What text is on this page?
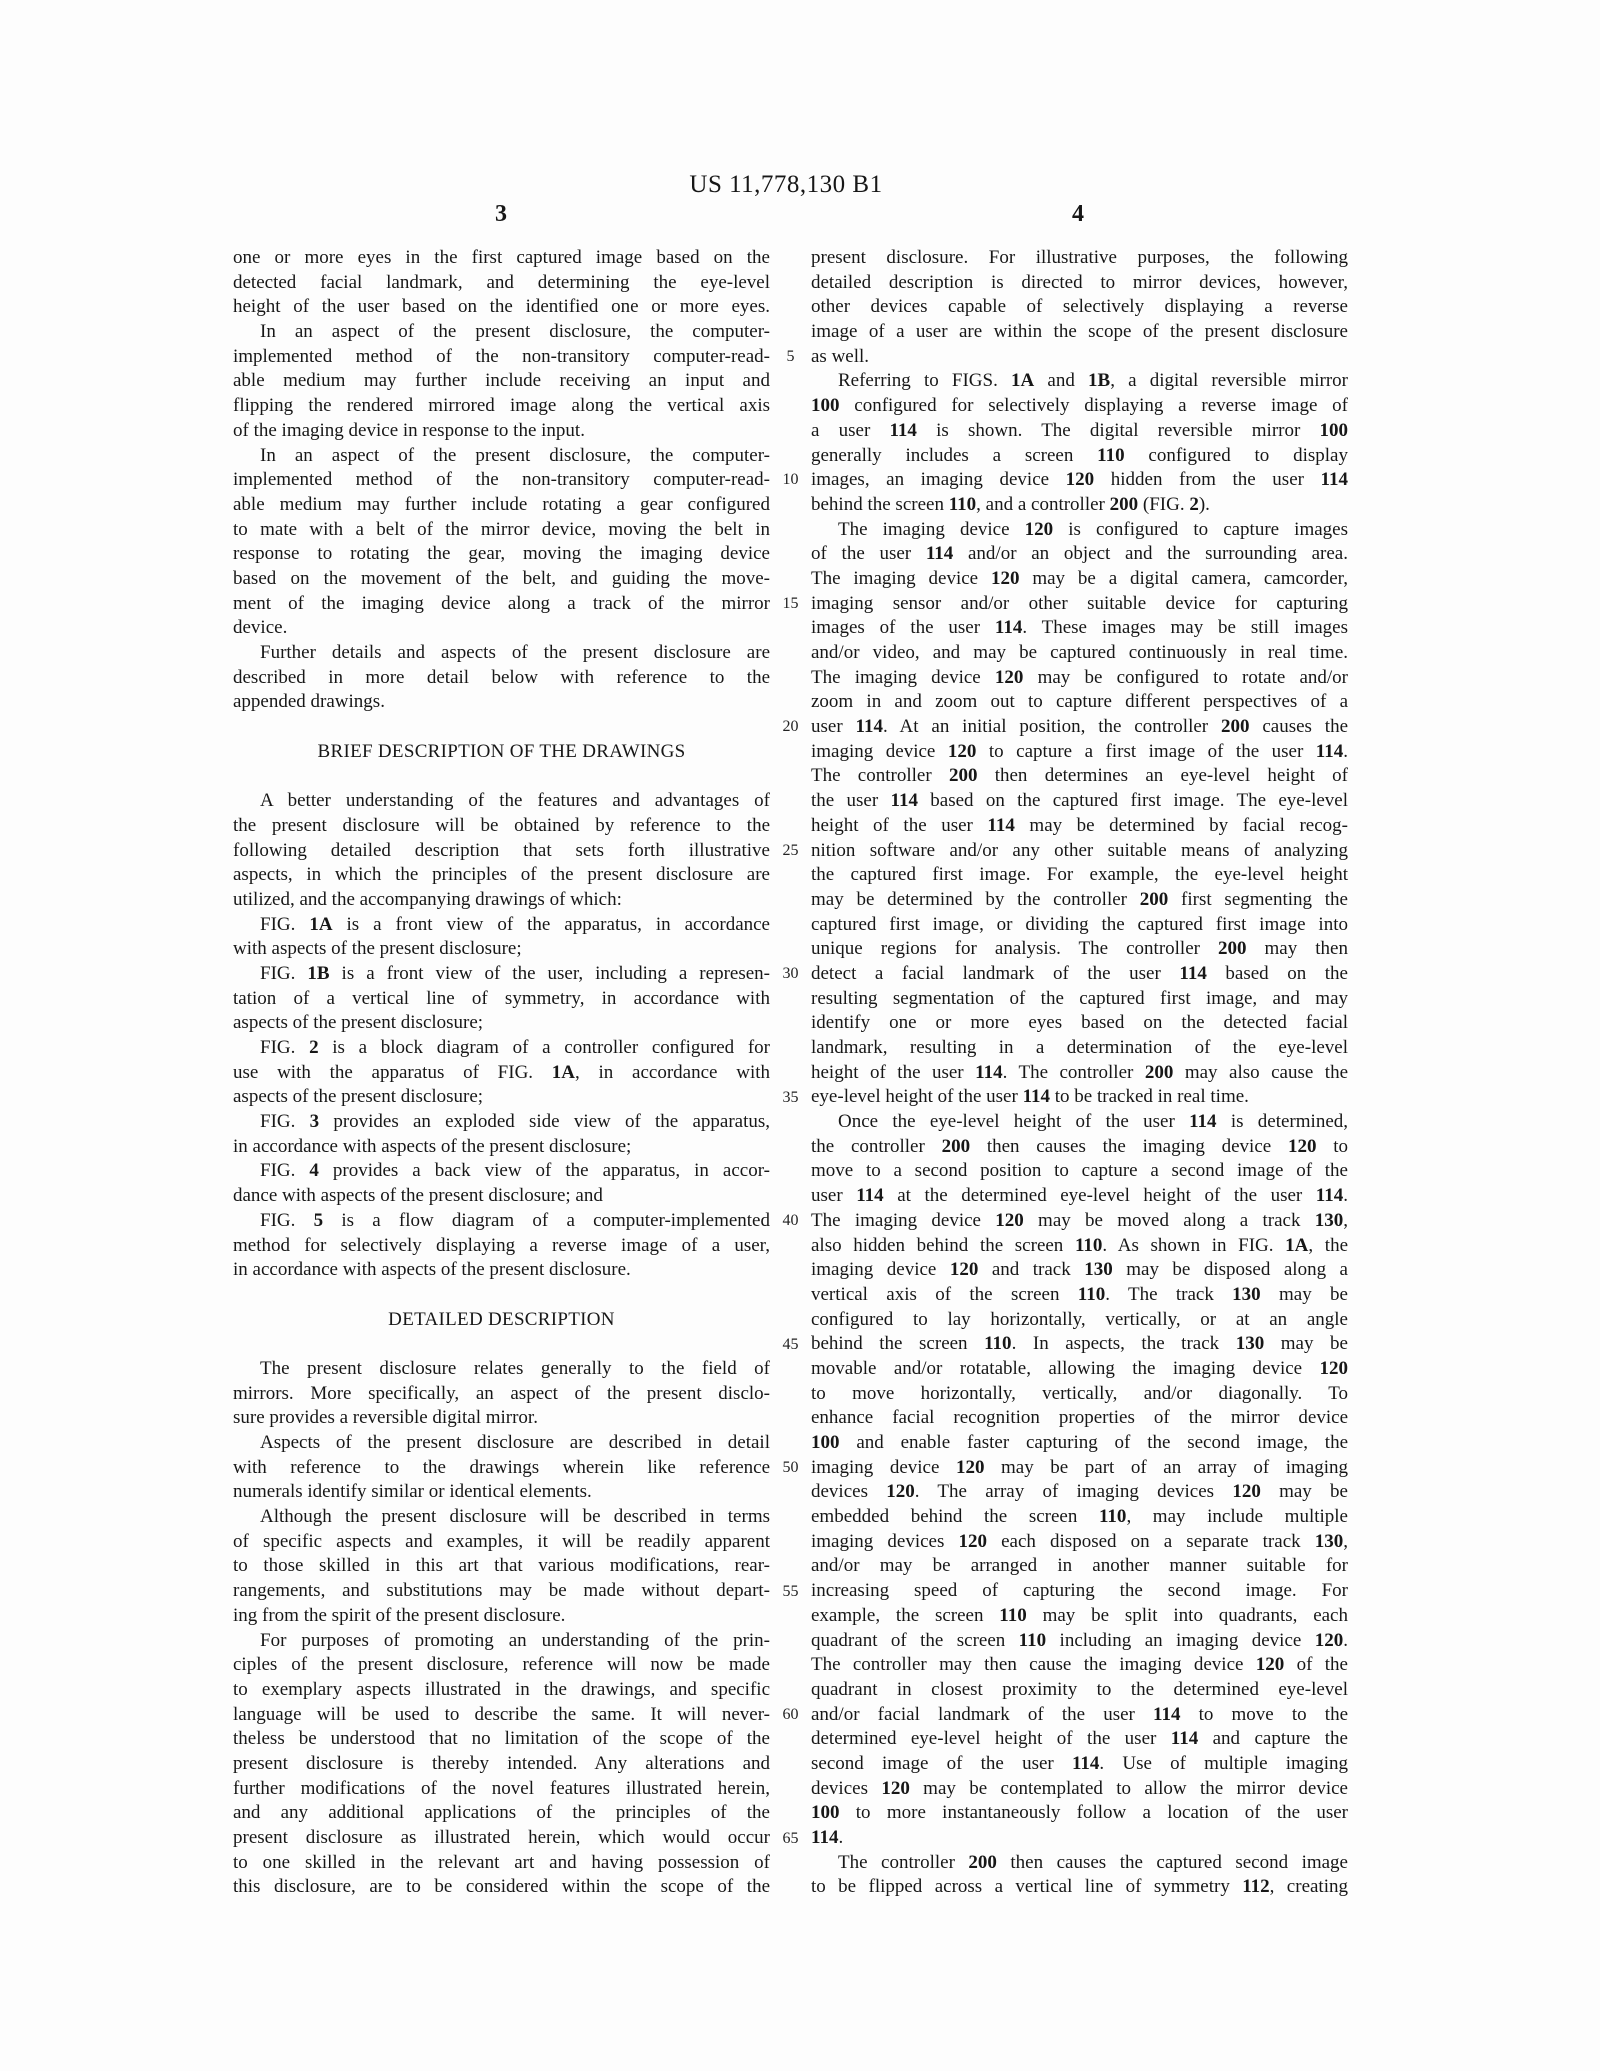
US 11,778,130 B1
3	4
one or more eyes in the first captured image based on the
detected facial landmark, and determining the eye-level
height of the user based on the identified one or more eyes.
In an aspect of the present disclosure, the computer-
implemented method of the non-transitory computer-read-
able medium may further include receiving an input and
flipping the rendered mirrored image along the vertical axis
of the imaging device in response to the input.
In an aspect of the present disclosure, the computer-
implemented method of the non-transitory computer-read-
able medium may further include rotating a gear configured
to mate with a belt of the mirror device, moving the belt in
response to rotating the gear, moving the imaging device
based on the movement of the belt, and guiding the move-
ment of the imaging device along a track of the mirror
device.
Further details and aspects of the present disclosure are
described in more detail below with reference to the
appended drawings.
BRIEF DESCRIPTION OF THE DRAWINGS
A better understanding of the features and advantages of
the present disclosure will be obtained by reference to the
following detailed description that sets forth illustrative
aspects, in which the principles of the present disclosure are
utilized, and the accompanying drawings of which:
FIG. 1A is a front view of the apparatus, in accordance
with aspects of the present disclosure;
FIG. 1B is a front view of the user, including a represen-
tation of a vertical line of symmetry, in accordance with
aspects of the present disclosure;
FIG. 2 is a block diagram of a controller configured for
use with the apparatus of FIG. 1A, in accordance with
aspects of the present disclosure;
FIG. 3 provides an exploded side view of the apparatus,
in accordance with aspects of the present disclosure;
FIG. 4 provides a back view of the apparatus, in accor-
dance with aspects of the present disclosure; and
FIG. 5 is a flow diagram of a computer-implemented
method for selectively displaying a reverse image of a user,
in accordance with aspects of the present disclosure.
DETAILED DESCRIPTION
The present disclosure relates generally to the field of
mirrors. More specifically, an aspect of the present disclo-
sure provides a reversible digital mirror.
Aspects of the present disclosure are described in detail
with reference to the drawings wherein like reference
numerals identify similar or identical elements.
Although the present disclosure will be described in terms
of specific aspects and examples, it will be readily apparent
to those skilled in this art that various modifications, rear-
rangements, and substitutions may be made without depart-
ing from the spirit of the present disclosure.
For purposes of promoting an understanding of the prin-
ciples of the present disclosure, reference will now be made
to exemplary aspects illustrated in the drawings, and specific
language will be used to describe the same. It will never-
theless be understood that no limitation of the scope of the
present disclosure is thereby intended. Any alterations and
further modifications of the novel features illustrated herein,
and any additional applications of the principles of the
present disclosure as illustrated herein, which would occur
to one skilled in the relevant art and having possession of
this disclosure, are to be considered within the scope of the
5
10
15
20
25
30
35
40
45
50
55
60
65
present disclosure. For illustrative purposes, the following
detailed description is directed to mirror devices, however,
other devices capable of selectively displaying a reverse
image of a user are within the scope of the present disclosure
as well.
Referring to FIGS. 1A and 1B, a digital reversible mirror
100 configured for selectively displaying a reverse image of
a user 114 is shown. The digital reversible mirror 100
generally includes a screen 110 configured to display
images, an imaging device 120 hidden from the user 114
behind the screen 110, and a controller 200 (FIG. 2).
The imaging device 120 is configured to capture images
of the user 114 and/or an object and the surrounding area.
The imaging device 120 may be a digital camera, camcorder,
imaging sensor and/or other suitable device for capturing
images of the user 114. These images may be still images
and/or video, and may be captured continuously in real time.
The imaging device 120 may be configured to rotate and/or
zoom in and zoom out to capture different perspectives of a
user 114. At an initial position, the controller 200 causes the
imaging device 120 to capture a first image of the user 114.
The controller 200 then determines an eye-level height of
the user 114 based on the captured first image. The eye-level
height of the user 114 may be determined by facial recog-
nition software and/or any other suitable means of analyzing
the captured first image. For example, the eye-level height
may be determined by the controller 200 first segmenting the
captured first image, or dividing the captured first image into
unique regions for analysis. The controller 200 may then
detect a facial landmark of the user 114 based on the
resulting segmentation of the captured first image, and may
identify one or more eyes based on the detected facial
landmark, resulting in a determination of the eye-level
height of the user 114. The controller 200 may also cause the
eye-level height of the user 114 to be tracked in real time.
Once the eye-level height of the user 114 is determined,
the controller 200 then causes the imaging device 120 to
move to a second position to capture a second image of the
user 114 at the determined eye-level height of the user 114.
The imaging device 120 may be moved along a track 130,
also hidden behind the screen 110. As shown in FIG. 1A, the
imaging device 120 and track 130 may be disposed along a
vertical axis of the screen 110. The track 130 may be
configured to lay horizontally, vertically, or at an angle
behind the screen 110. In aspects, the track 130 may be
movable and/or rotatable, allowing the imaging device 120
to move horizontally, vertically, and/or diagonally. To
enhance facial recognition properties of the mirror device
100 and enable faster capturing of the second image, the
imaging device 120 may be part of an array of imaging
devices 120. The array of imaging devices 120 may be
embedded behind the screen 110, may include multiple
imaging devices 120 each disposed on a separate track 130,
and/or may be arranged in another manner suitable for
increasing speed of capturing the second image. For
example, the screen 110 may be split into quadrants, each
quadrant of the screen 110 including an imaging device 120.
The controller may then cause the imaging device 120 of the
quadrant in closest proximity to the determined eye-level
and/or facial landmark of the user 114 to move to the
determined eye-level height of the user 114 and capture the
second image of the user 114. Use of multiple imaging
devices 120 may be contemplated to allow the mirror device
100 to more instantaneously follow a location of the user
114.
The controller 200 then causes the captured second image
to be flipped across a vertical line of symmetry 112, creating
